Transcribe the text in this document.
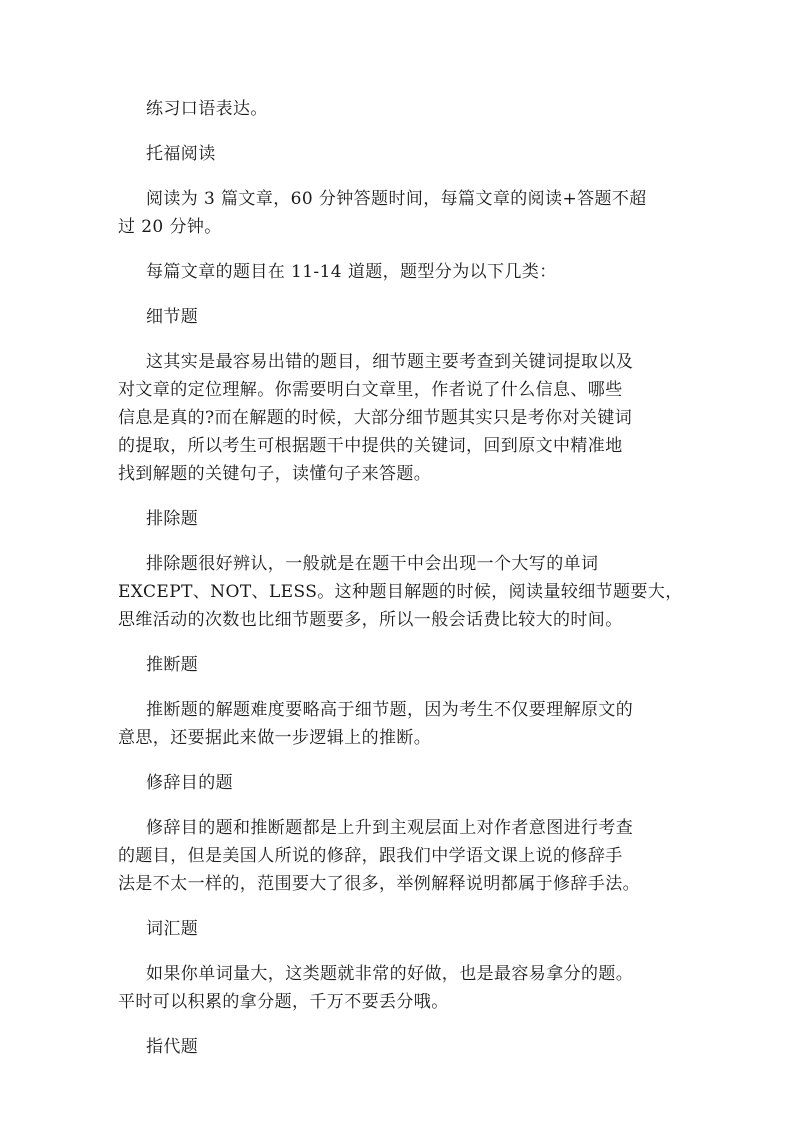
练习口语表达。

托福阅读

阅读为 3 篇文章，60 分钟答题时间，每篇文章的阅读+答题不超
过 20 分钟。

每篇文章的题目在 11-14 道题，题型分为以下几类：

细节题

这其实是最容易出错的题目，细节题主要考查到关键词提取以及
对文章的定位理解。你需要明白文章里，作者说了什么信息、哪些
信息是真的?而在解题的时候，大部分细节题其实只是考你对关键词
的提取，所以考生可根据题干中提供的关键词，回到原文中精准地
找到解题的关键句子，读懂句子来答题。

排除题

排除题很好辨认，一般就是在题干中会出现一个大写的单词
EXCEPT、NOT、LESS。这种题目解题的时候，阅读量较细节题要大，
思维活动的次数也比细节题要多，所以一般会话费比较大的时间。

推断题

推断题的解题难度要略高于细节题，因为考生不仅要理解原文的
意思，还要据此来做一步逻辑上的推断。

修辞目的题

修辞目的题和推断题都是上升到主观层面上对作者意图进行考查
的题目，但是美国人所说的修辞，跟我们中学语文课上说的修辞手
法是不太一样的，范围要大了很多，举例解释说明都属于修辞手法。

词汇题

如果你单词量大，这类题就非常的好做，也是最容易拿分的题。
平时可以积累的拿分题，千万不要丢分哦。

指代题
